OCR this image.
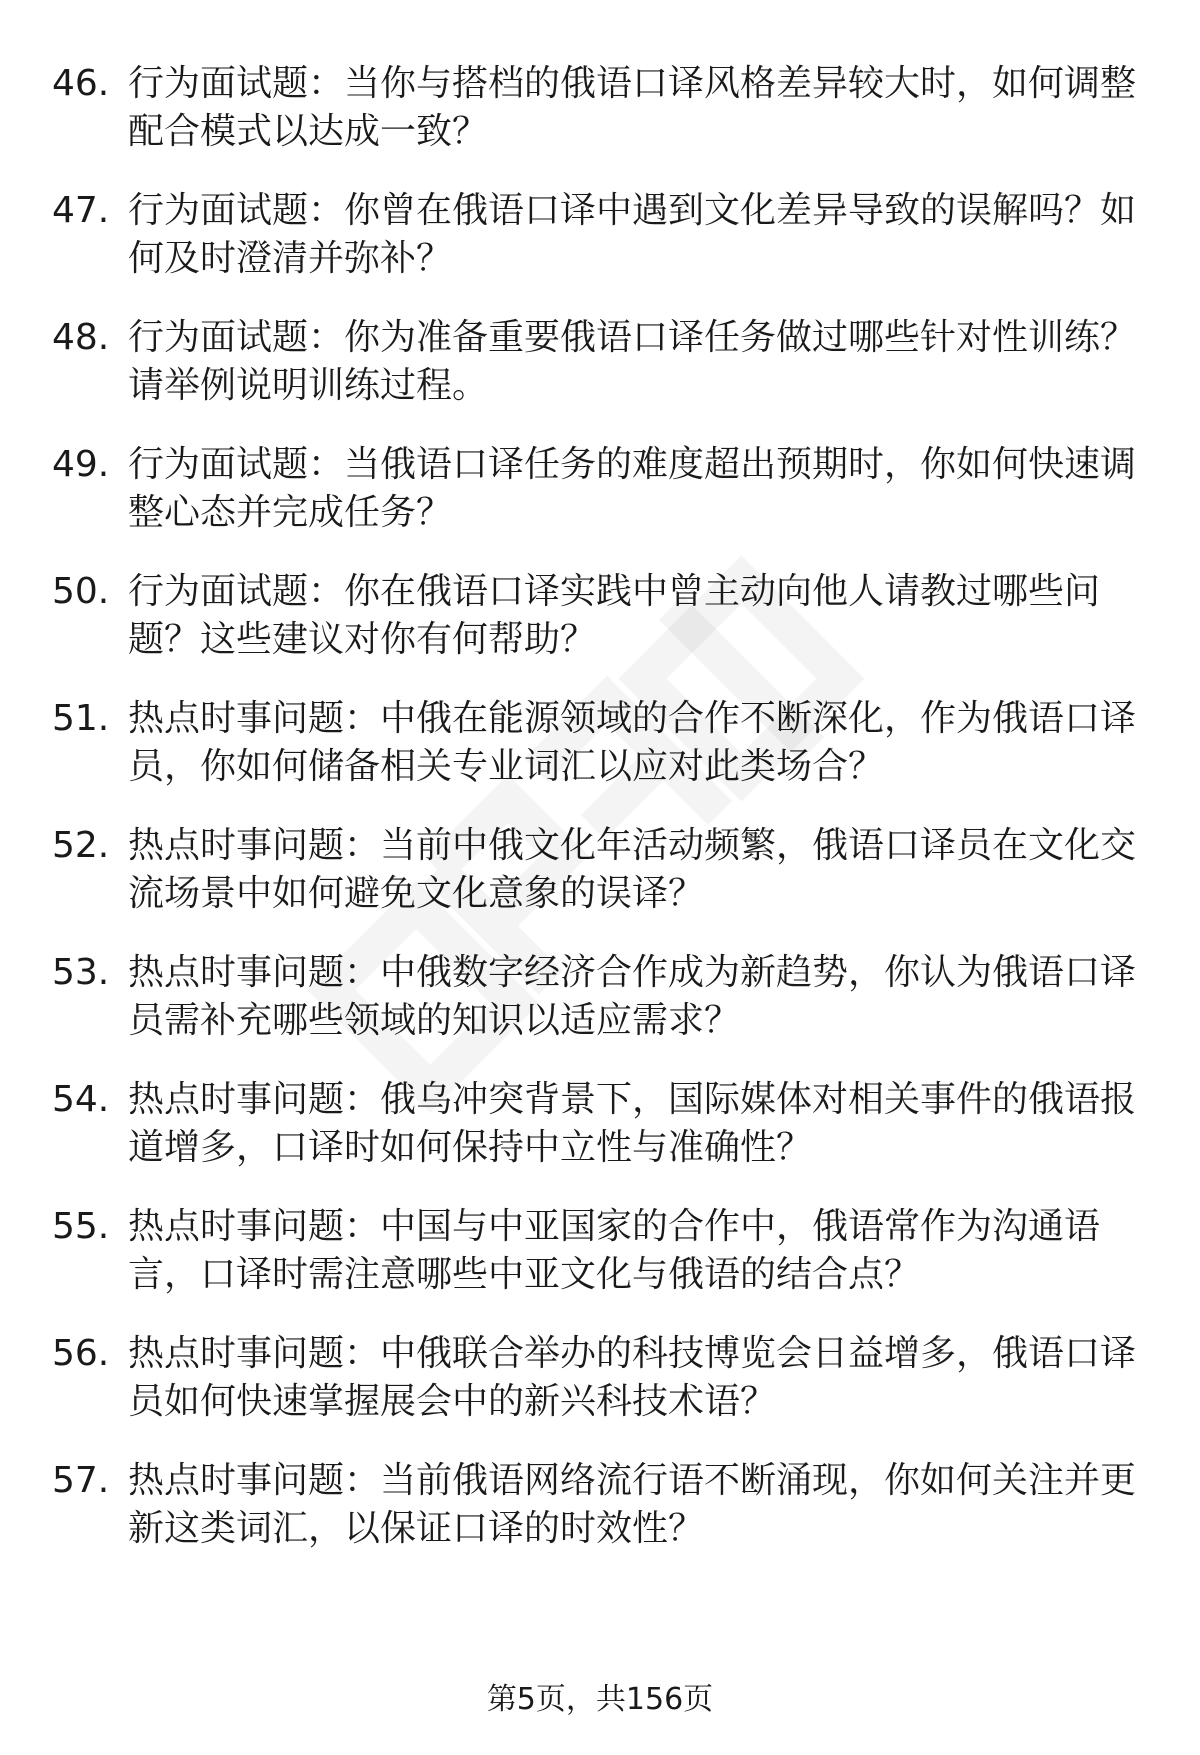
46. 行为面试题：当你与搭档的俄语口译风格差异较大时，如何调整配合模式以达成一致？
47. 行为面试题：你曾在俄语口译中遇到文化差异导致的误解吗？如何及时澄清并弥补？
48. 行为面试题：你为准备重要俄语口译任务做过哪些针对性训练？请举例说明训练过程。
49. 行为面试题：当俄语口译任务的难度超出预期时，你如何快速调整心态并完成任务？
50. 行为面试题：你在俄语口译实践中曾主动向他人请教过哪些问题？这些建议对你有何帮助？
51. 热点时事问题：中俄在能源领域的合作不断深化，作为俄语口译员，你如何储备相关专业词汇以应对此类场合？
52. 热点时事问题：当前中俄文化年活动频繁，俄语口译员在文化交流场景中如何避免文化意象的误译？
53. 热点时事问题：中俄数字经济合作成为新趋势，你认为俄语口译员需补充哪些领域的知识以适应需求？
54. 热点时事问题：俄乌冲突背景下，国际媒体对相关事件的俄语报道增多，口译时如何保持中立性与准确性？
55. 热点时事问题：中国与中亚国家的合作中，俄语常作为沟通语言，口译时需注意哪些中亚文化与俄语的结合点？
56. 热点时事问题：中俄联合举办的科技博览会日益增多，俄语口译员如何快速掌握展会中的新兴科技术语？
57. 热点时事问题：当前俄语网络流行语不断涌现，你如何关注并更新这类词汇，以保证口译的时效性？
第5页，共156页
